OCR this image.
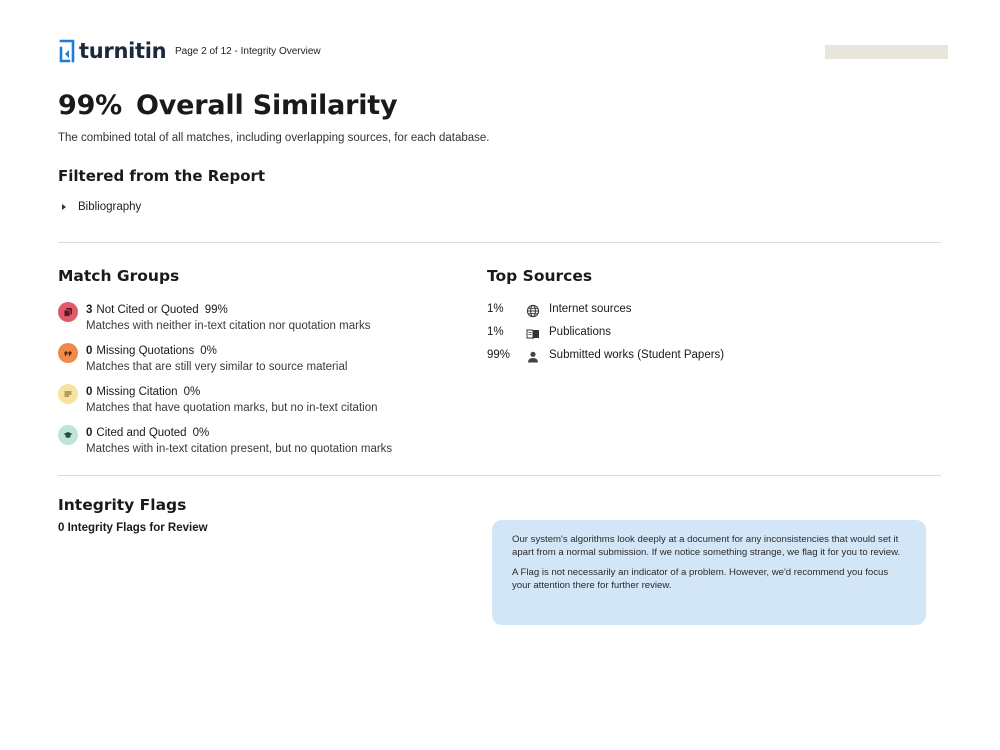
turnitin Page 2 of 12 - Integrity Overview
99% Overall Similarity
The combined total of all matches, including overlapping sources, for each database.
Filtered from the Report
Bibliography
Match Groups
3 Not Cited or Quoted 99%
Matches with neither in-text citation nor quotation marks
0 Missing Quotations 0%
Matches that are still very similar to source material
0 Missing Citation 0%
Matches that have quotation marks, but no in-text citation
0 Cited and Quoted 0%
Matches with in-text citation present, but no quotation marks
Top Sources
1%	Internet sources
1%	Publications
99%	Submitted works (Student Papers)
Integrity Flags
0 Integrity Flags for Review

Our system's algorithms look deeply at a document for any inconsistencies that would set it apart from a normal submission. If we notice something strange, we flag it for you to review.

A Flag is not necessarily an indicator of a problem. However, we'd recommend you focus your attention there for further review.
